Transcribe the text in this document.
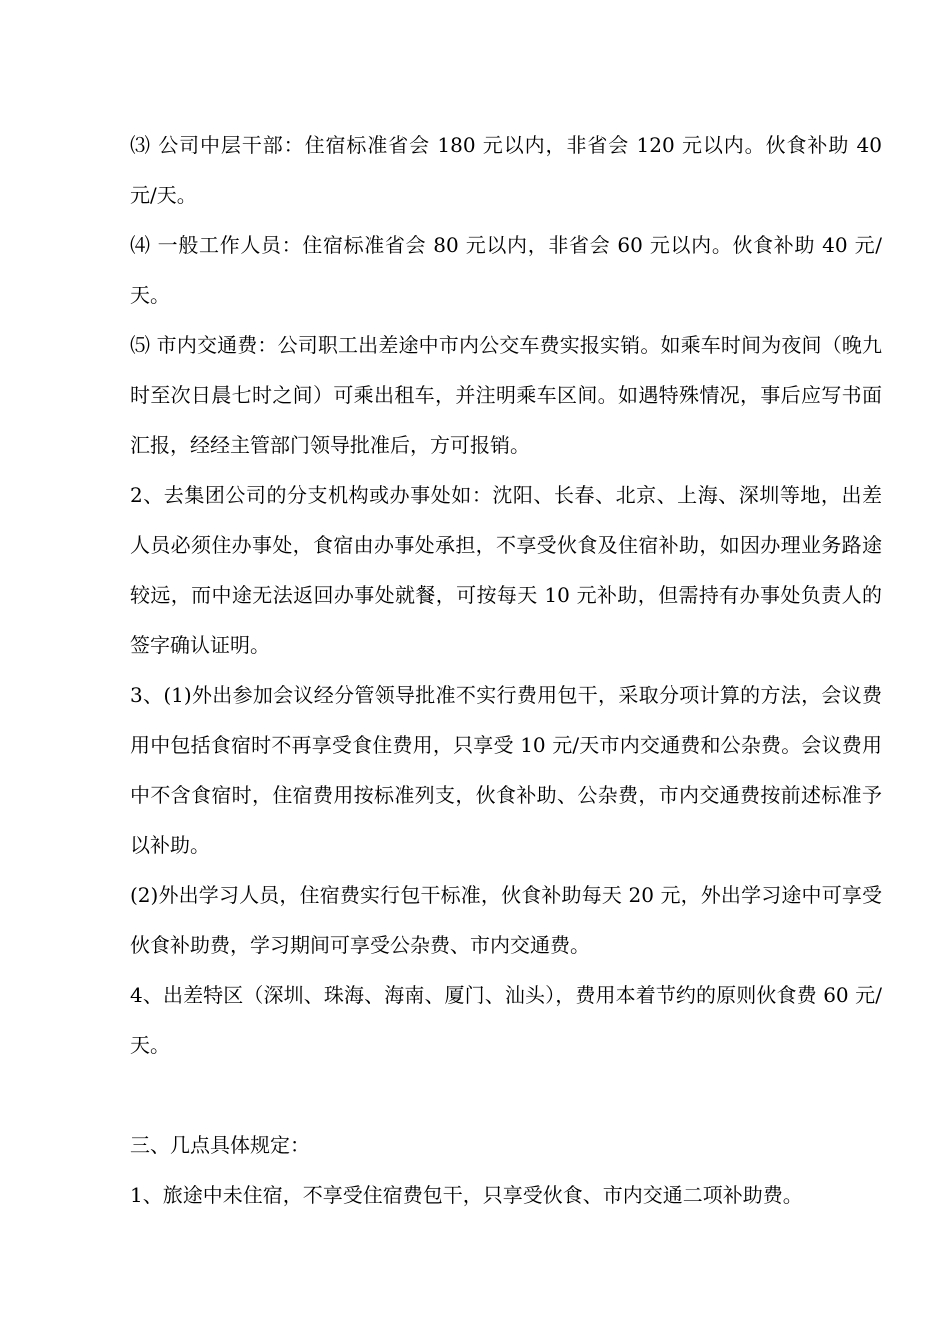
⑶ 公司中层干部：住宿标准省会 180 元以内，非省会 120 元以内。伙食补助 40 元/天。

⑷ 一般工作人员：住宿标准省会 80 元以内，非省会 60 元以内。伙食补助 40 元/天。

⑸ 市内交通费：公司职工出差途中市内公交车费实报实销。如乘车时间为夜间（晚九时至次日晨七时之间）可乘出租车，并注明乘车区间。如遇特殊情况，事后应写书面汇报，经经主管部门领导批准后，方可报销。

2、去集团公司的分支机构或办事处如：沈阳、长春、北京、上海、深圳等地，出差人员必须住办事处，食宿由办事处承担，不享受伙食及住宿补助，如因办理业务路途较远，而中途无法返回办事处就餐，可按每天 10 元补助，但需持有办事处负责人的签字确认证明。

3、(1)外出参加会议经分管领导批准不实行费用包干，采取分项计算的方法，会议费用中包括食宿时不再享受食住费用，只享受 10 元/天市内交通费和公杂费。会议费用中不含食宿时，住宿费用按标准列支，伙食补助、公杂费，市内交通费按前述标准予以补助。

(2)外出学习人员，住宿费实行包干标准，伙食补助每天 20 元，外出学习途中可享受伙食补助费，学习期间可享受公杂费、市内交通费。

4、出差特区（深圳、珠海、海南、厦门、汕头），费用本着节约的原则伙食费 60 元/天。

三、几点具体规定：

1、旅途中未住宿，不享受住宿费包干，只享受伙食、市内交通二项补助费。
